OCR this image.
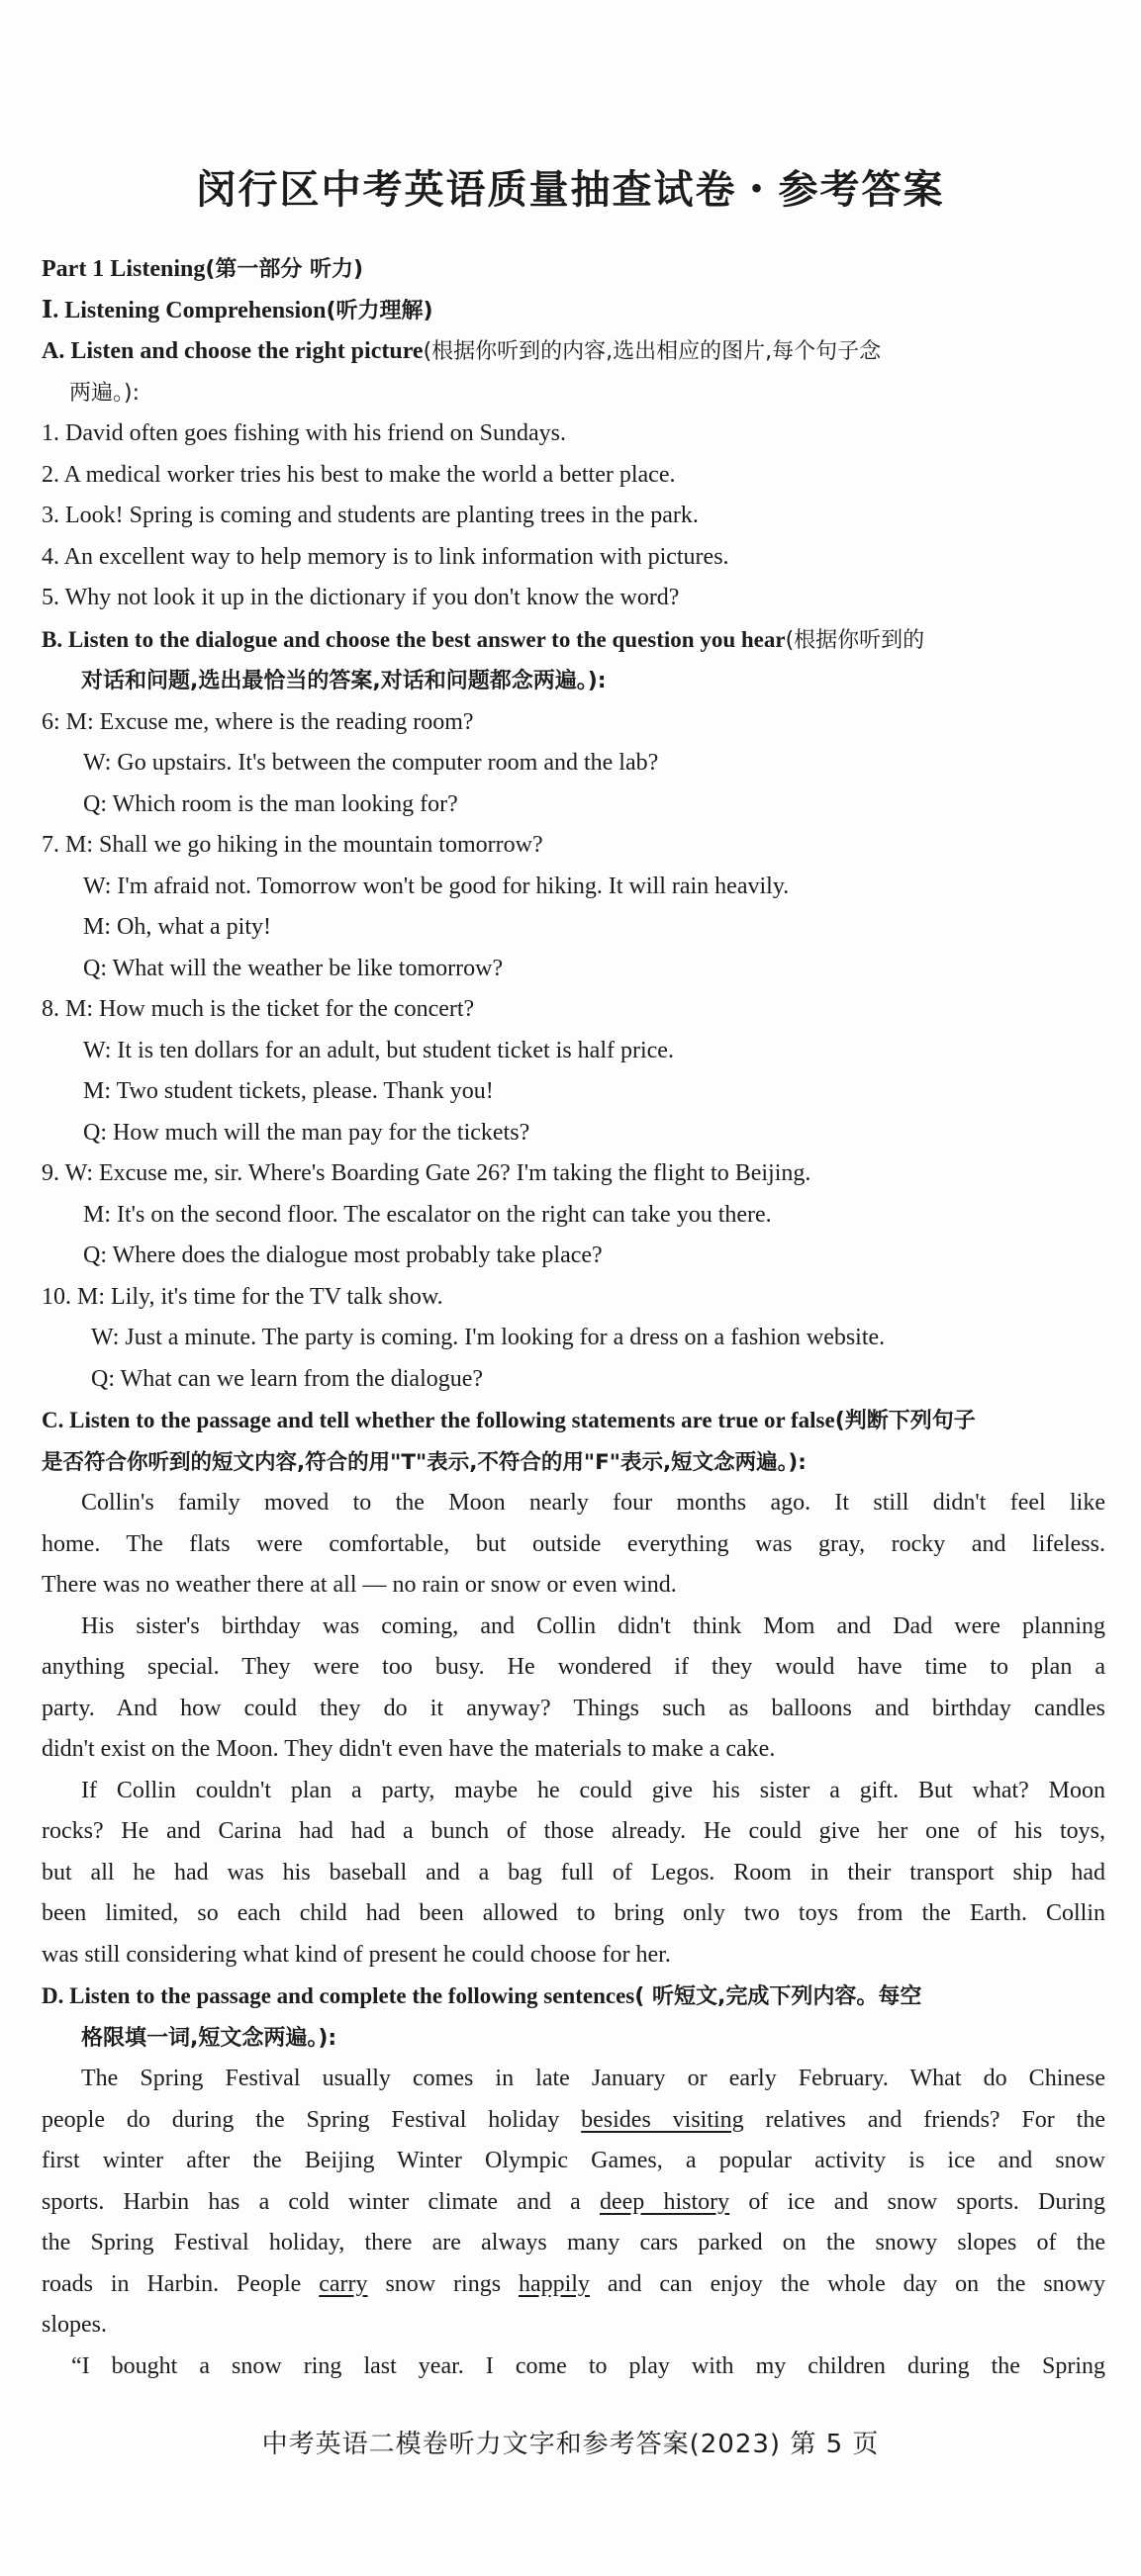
闵行区中考英语质量抽查试卷・参考答案
Part 1 Listening(第一部分 听力)
Ⅰ. Listening Comprehension(听力理解)
A. Listen and choose the right picture(根据你听到的内容,选出相应的图片,每个句子念
两遍。):
1. David often goes fishing with his friend on Sundays.
2. A medical worker tries his best to make the world a better place.
3. Look! Spring is coming and students are planting trees in the park.
4. An excellent way to help memory is to link information with pictures.
5. Why not look it up in the dictionary if you don't know the word?
B. Listen to the dialogue and choose the best answer to the question you hear(根据你听到的
对话和问题,选出最恰当的答案,对话和问题都念两遍。):
6: M: Excuse me, where is the reading room?
W: Go upstairs. It's between the computer room and the lab?
Q: Which room is the man looking for?
7. M: Shall we go hiking in the mountain tomorrow?
W: I'm afraid not. Tomorrow won't be good for hiking. It will rain heavily.
M: Oh, what a pity!
Q: What will the weather be like tomorrow?
8. M: How much is the ticket for the concert?
W: It is ten dollars for an adult, but student ticket is half price.
M: Two student tickets, please. Thank you!
Q: How much will the man pay for the tickets?
9. W: Excuse me, sir. Where's Boarding Gate 26? I'm taking the flight to Beijing.
M: It's on the second floor. The escalator on the right can take you there.
Q: Where does the dialogue most probably take place?
10. M: Lily, it's time for the TV talk show.
W: Just a minute. The party is coming. I'm looking for a dress on a fashion website.
Q: What can we learn from the dialogue?
C. Listen to the passage and tell whether the following statements are true or false(判断下列句子
是否符合你听到的短文内容,符合的用"T"表示,不符合的用"F"表示,短文念两遍。):
Collin's family moved to the Moon nearly four months ago. It still didn't feel like
home. The flats were comfortable, but outside everything was gray, rocky and lifeless.
There was no weather there at all — no rain or snow or even wind.
His sister's birthday was coming, and Collin didn't think Mom and Dad were planning
anything special. They were too busy. He wondered if they would have time to plan a
party. And how could they do it anyway? Things such as balloons and birthday candles
didn't exist on the Moon. They didn't even have the materials to make a cake.
If Collin couldn't plan a party, maybe he could give his sister a gift. But what? Moon
rocks? He and Carina had had a bunch of those already. He could give her one of his toys,
but all he had was his baseball and a bag full of Legos. Room in their transport ship had
been limited, so each child had been allowed to bring only two toys from the Earth. Collin
was still considering what kind of present he could choose for her.
D. Listen to the passage and complete the following sentences( 听短文,完成下列内容。每空
格限填一词,短文念两遍。):
The Spring Festival usually comes in late January or early February. What do Chinese
people do during the Spring Festival holiday besides visiting relatives and friends? For the
first winter after the Beijing Winter Olympic Games, a popular activity is ice and snow
sports. Harbin has a cold winter climate and a deep history of ice and snow sports. During
the Spring Festival holiday, there are always many cars parked on the snowy slopes of the
roads in Harbin. People carry snow rings happily and can enjoy the whole day on the snowy
slopes.
“I bought a snow ring last year. I come to play with my children during the Spring
中考英语二模卷听力文字和参考答案(2023) 第 5 页
